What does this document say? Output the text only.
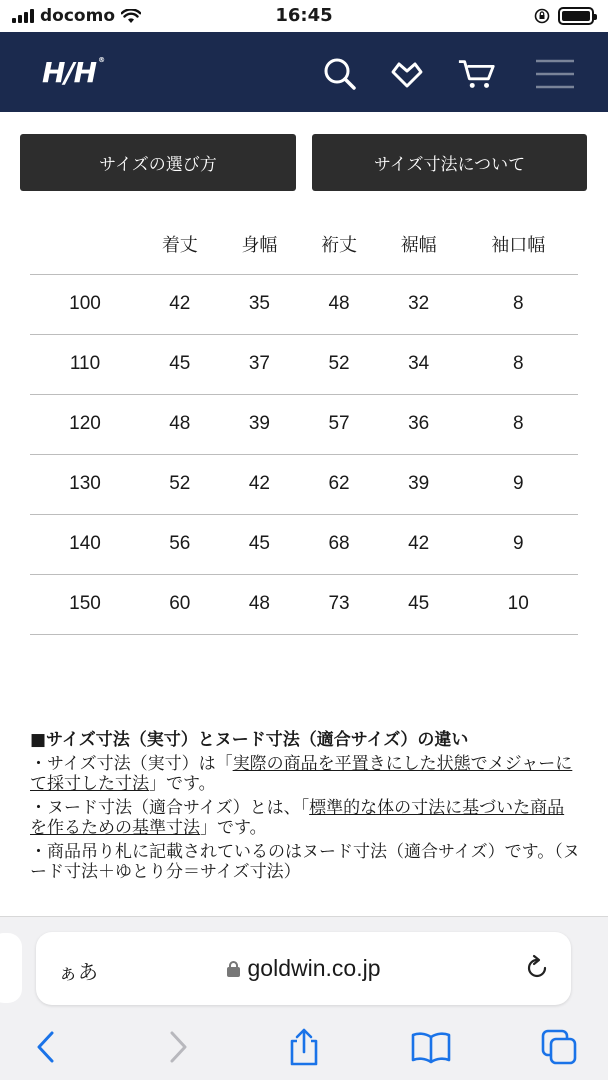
docomo	16:45
H/H ®
サイズの選び方	サイズ寸法について
	着丈	身幅	裄丈	裾幅	袖口幅
100	42	35	48	32	8
110	45	37	52	34	8
120	48	39	57	36	8
130	52	42	62	39	9
140	56	45	68	42	9
150	60	48	73	45	10
■サイズ寸法（実寸）とヌード寸法（適合サイズ）の違い

・サイズ寸法（実寸）は「実際の商品を平置きにした状態でメジャーにて採寸した寸法」です。

・ヌード寸法（適合サイズ）とは、「標準的な体の寸法に基づいた商品を作るための基準寸法」です。

・商品吊り札に記載されているのはヌード寸法（適合サイズ）です。（ヌード寸法＋ゆとり分＝サイズ寸法）

ぁあ	goldwin.co.jp
